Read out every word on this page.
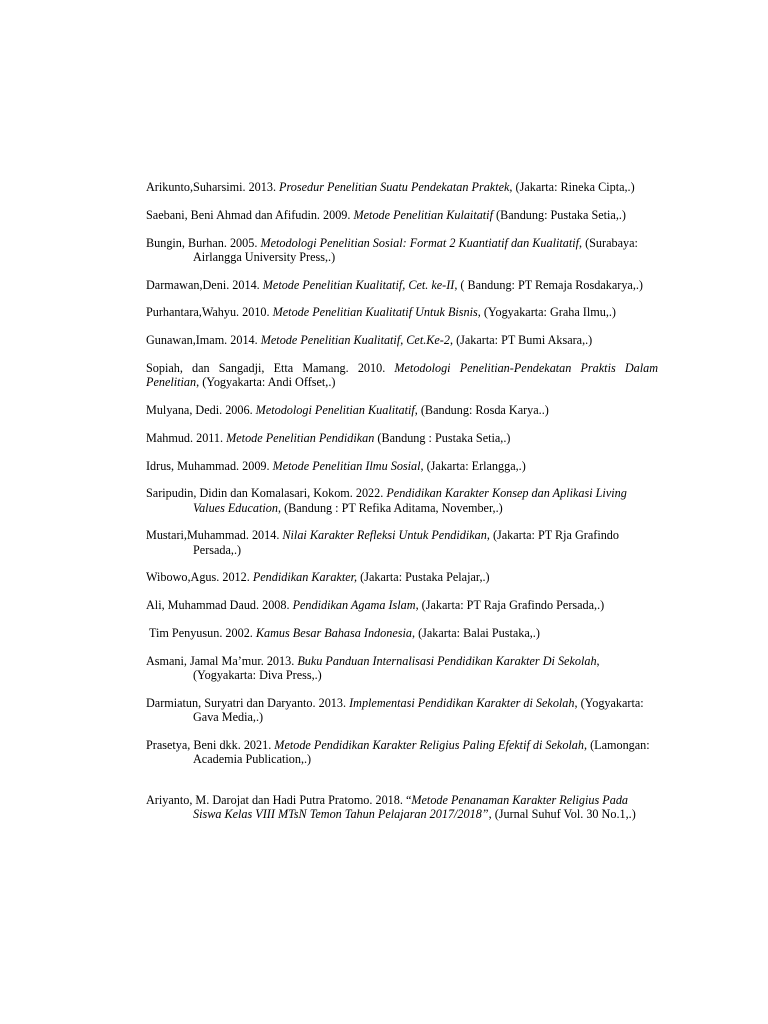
Arikunto,Suharsimi. 2013. Prosedur Penelitian Suatu Pendekatan Praktek, (Jakarta: Rineka Cipta,.)
Saebani, Beni Ahmad dan Afifudin. 2009. Metode Penelitian Kulaitatif (Bandung: Pustaka Setia,.)
Bungin, Burhan. 2005. Metodologi Penelitian Sosial: Format 2 Kuantiatif dan Kualitatif, (Surabaya: Airlangga University Press,.)
Darmawan,Deni. 2014. Metode Penelitian Kualitatif, Cet. ke-II, ( Bandung: PT Remaja Rosdakarya,.)
Purhantara,Wahyu. 2010. Metode Penelitian Kualitatif Untuk Bisnis, (Yogyakarta: Graha Ilmu,.)
Gunawan,Imam. 2014. Metode Penelitian Kualitatif, Cet.Ke-2, (Jakarta: PT Bumi Aksara,.)
Sopiah, dan Sangadji, Etta Mamang. 2010. Metodologi Penelitian-Pendekatan Praktis Dalam Penelitian, (Yogyakarta: Andi Offset,.)
Mulyana, Dedi. 2006. Metodologi Penelitian Kualitatif, (Bandung: Rosda Karya..)
Mahmud. 2011. Metode Penelitian Pendidikan (Bandung : Pustaka Setia,.)
Idrus, Muhammad. 2009. Metode Penelitian Ilmu Sosial, (Jakarta: Erlangga,.)
Saripudin, Didin dan Komalasari, Kokom. 2022. Pendidikan Karakter Konsep dan Aplikasi Living Values Education, (Bandung : PT Refika Aditama, November,.)
Mustari,Muhammad. 2014. Nilai Karakter Refleksi Untuk Pendidikan, (Jakarta: PT Rja Grafindo Persada,.)
Wibowo,Agus. 2012. Pendidikan Karakter, (Jakarta: Pustaka Pelajar,.)
Ali, Muhammad Daud. 2008. Pendidikan Agama Islam, (Jakarta: PT Raja Grafindo Persada,.)
Tim Penyusun. 2002. Kamus Besar Bahasa Indonesia, (Jakarta: Balai Pustaka,.)
Asmani, Jamal Ma’mur. 2013. Buku Panduan Internalisasi Pendidikan Karakter Di Sekolah, (Yogyakarta: Diva Press,.)
Darmiatun, Suryatri dan Daryanto. 2013. Implementasi Pendidikan Karakter di Sekolah, (Yogyakarta: Gava Media,.)
Prasetya, Beni dkk. 2021. Metode Pendidikan Karakter Religius Paling Efektif di Sekolah, (Lamongan: Academia Publication,.)
Ariyanto, M. Darojat dan Hadi Putra Pratomo. 2018. “Metode Penanaman Karakter Religius Pada Siswa Kelas VIII MTsN Temon Tahun Pelajaran 2017/2018”, (Jurnal Suhuf Vol. 30 No.1,.)
